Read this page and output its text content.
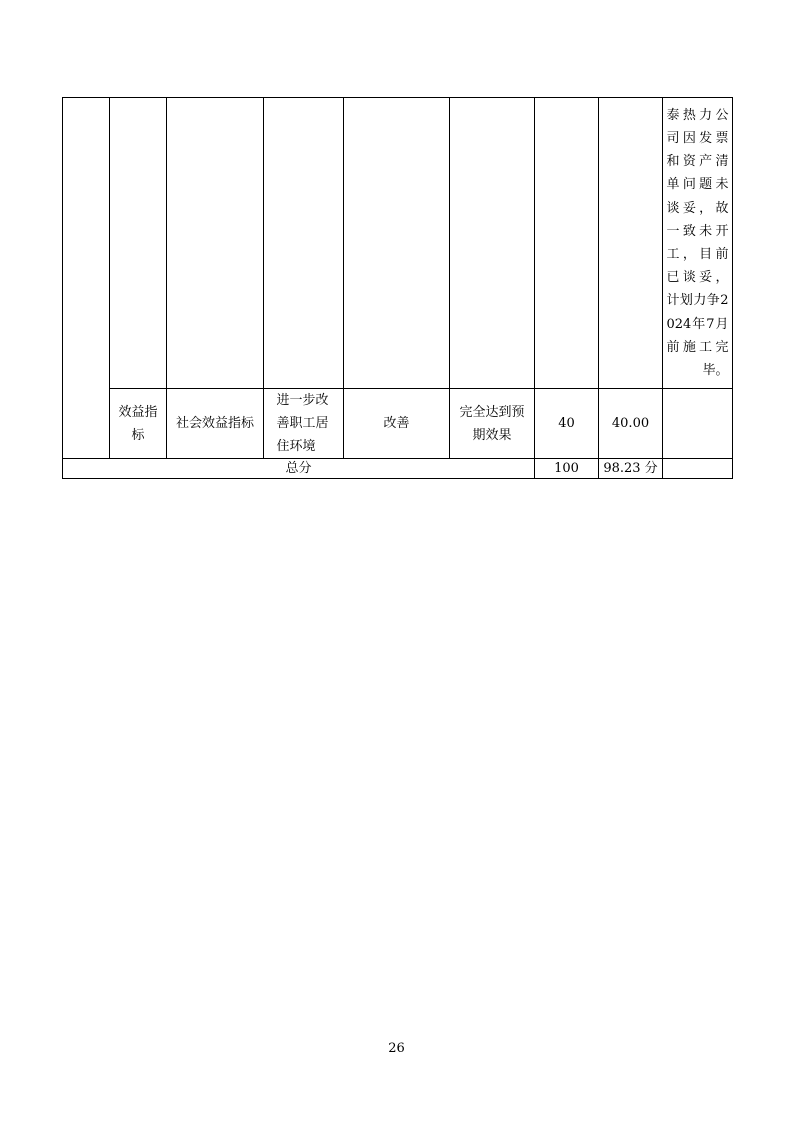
								泰热力公司因发票和资产清单问题未谈妥，故一致未开工，目前已谈妥，计划力争2024年7月前施工完毕。

	效益指标	社会效益指标	进一步改善职工居住环境	改善	完全达到预期效果	40	40.00	
总分						100	98.23 分	
26
